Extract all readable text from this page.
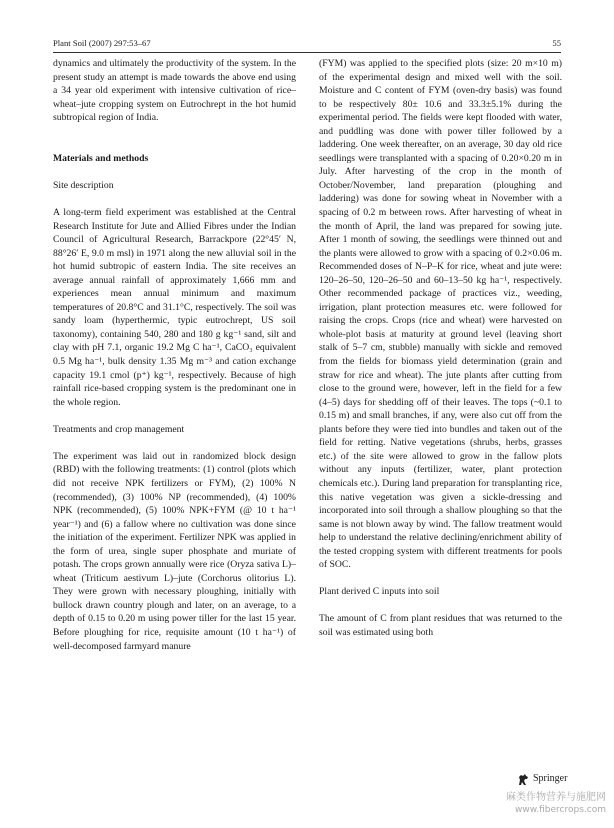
Plant Soil (2007) 297:53–67	55

dynamics and ultimately the productivity of the system. In the present study an attempt is made towards the above end using a 34 year old experiment with intensive cultivation of rice–wheat–jute cropping system on Eutrochrept in the hot humid subtropical region of India.

Materials and methods

Site description

A long-term field experiment was established at the Central Research Institute for Jute and Allied Fibres under the Indian Council of Agricultural Research, Barrackpore (22°45′ N, 88°26′ E, 9.0 m msl) in 1971 along the new alluvial soil in the hot humid subtropic of eastern India. The site receives an average annual rainfall of approximately 1,666 mm and experiences mean annual minimum and maximum temperatures of 20.8°C and 31.1°C, respectively. The soil was sandy loam (hyperthermic, typic eutrochrept, US soil taxonomy), containing 540, 280 and 180 g kg⁻¹ sand, silt and clay with pH 7.1, organic 19.2 Mg C ha⁻¹, CaCO₃ equivalent 0.5 Mg ha⁻¹, bulk density 1.35 Mg m⁻³ and cation exchange capacity 19.1 cmol (p⁺) kg⁻¹, respectively. Because of high rainfall rice-based cropping system is the predominant one in the whole region.

Treatments and crop management

The experiment was laid out in randomized block design (RBD) with the following treatments: (1) control (plots which did not receive NPK fertilizers or FYM), (2) 100% N (recommended), (3) 100% NP (recommended), (4) 100% NPK (recommended), (5) 100% NPK+FYM (@ 10 t ha⁻¹ year⁻¹) and (6) a fallow where no cultivation was done since the initiation of the experiment. Fertilizer NPK was applied in the form of urea, single super phosphate and muriate of potash. The crops grown annually were rice (Oryza sativa L)–wheat (Triticum aestivum L)–jute (Corchorus olitorius L). They were grown with necessary ploughing, initially with bullock drawn country plough and later, on an average, to a depth of 0.15 to 0.20 m using power tiller for the last 15 year. Before ploughing for rice, requisite amount (10 t ha⁻¹) of well-decomposed farmyard manure

(FYM) was applied to the specified plots (size: 20 m×10 m) of the experimental design and mixed well with the soil. Moisture and C content of FYM (oven-dry basis) was found to be respectively 80± 10.6 and 33.3±5.1% during the experimental period. The fields were kept flooded with water, and puddling was done with power tiller followed by a laddering. One week thereafter, on an average, 30 day old rice seedlings were transplanted with a spacing of 0.20×0.20 m in July. After harvesting of the crop in the month of October/November, land preparation (ploughing and laddering) was done for sowing wheat in November with a spacing of 0.2 m between rows. After harvesting of wheat in the month of April, the land was prepared for sowing jute. After 1 month of sowing, the seedlings were thinned out and the plants were allowed to grow with a spacing of 0.2×0.06 m. Recommended doses of N–P–K for rice, wheat and jute were: 120–26–50, 120–26–50 and 60–13–50 kg ha⁻¹, respectively. Other recommended package of practices viz., weeding, irrigation, plant protection measures etc. were followed for raising the crops. Crops (rice and wheat) were harvested on whole-plot basis at maturity at ground level (leaving short stalk of 5–7 cm, stubble) manually with sickle and removed from the fields for biomass yield determination (grain and straw for rice and wheat). The jute plants after cutting from close to the ground were, however, left in the field for a few (4–5) days for shedding off of their leaves. The tops (~0.1 to 0.15 m) and small branches, if any, were also cut off from the plants before they were tied into bundles and taken out of the field for retting. Native vegetations (shrubs, herbs, grasses etc.) of the site were allowed to grow in the fallow plots without any inputs (fertilizer, water, plant protection chemicals etc.). During land preparation for transplanting rice, this native vegetation was given a sickle-dressing and incorporated into soil through a shallow ploughing so that the same is not blown away by wind. The fallow treatment would help to understand the relative declining/enrichment ability of the tested cropping system with different treatments for pools of SOC.

Plant derived C inputs into soil

The amount of C from plant residues that was returned to the soil was estimated using both

Springer
麻类作物营养与施肥网
www.fibercrops.com
